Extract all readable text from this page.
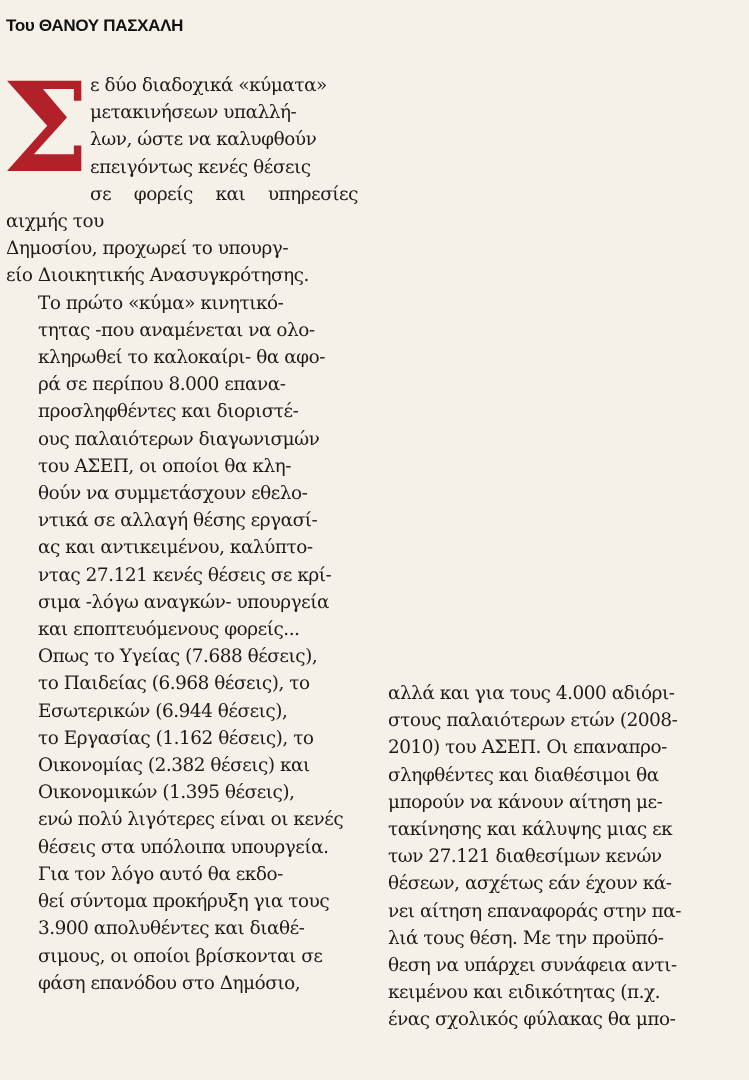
Του ΘΑΝΟΥ ΠΑΣΧΑΛΗ
Σ ε δύο διαδοχικά «κύματα»
μετακινήσεων υπαλλή-
λων, ώστε να καλυφθούν
επειγόντως κενές θέσεις
σε φορείς και υπηρεσίες αιχμής του
Δημοσίου, προχωρεί το υπουργ-
είο Διοικητικής Ανασυγκρότησης.

Το πρώτο «κύμα» κινητικό-
τητας -που αναμένεται να ολο-
κληρωθεί το καλοκαίρι- θα αφο-
ρά σε περίπου 8.000 επανα-
προσληφθέντες και διοριστέ-
ους παλαιότερων διαγωνισμών
του ΑΣΕΠ, οι οποίοι θα κλη-
θούν να συμμετάσχουν εθελο-
ντικά σε αλλαγή θέσης εργασί-
ας και αντικειμένου, καλύπτο-
ντας 27.121 κενές θέσεις σε κρί-
σιμα -λόγω αναγκών- υπουργεία
και εποπτευόμενους φορείς...
Οπως το Υγείας (7.688 θέσεις),
το Παιδείας (6.968 θέσεις), το
Εσωτερικών (6.944 θέσεις),
το Εργασίας (1.162 θέσεις), το
Οικονομίας (2.382 θέσεις) και
Οικονομικών (1.395 θέσεις),
ενώ πολύ λιγότερες είναι οι κενές
θέσεις στα υπόλοιπα υπουργεία.

Για τον λόγο αυτό θα εκδο-
θεί σύντομα προκήρυξη για τους
3.900 απολυθέντες και διαθέ-
σιμους, οι οποίοι βρίσκονται σε
φάση επανόδου στο Δημόσιο,

αλλά και για τους 4.000 αδιόρι-
στους παλαιότερων ετών (2008-
2010) του ΑΣΕΠ. Οι επαναπρο-
σληφθέντες και διαθέσιμοι θα
μπορούν να κάνουν αίτηση με-
τακίνησης και κάλυψης μιας εκ
των 27.121 διαθεσίμων κενών
θέσεων, ασχέτως εάν έχουν κά-
νει αίτηση επαναφοράς στην πα-
λιά τους θέση. Με την προϋπό-
θεση να υπάρχει συνάφεια αντι-
κειμένου και ειδικότητας (π.χ.
ένας σχολικός φύλακας θα μπο-
